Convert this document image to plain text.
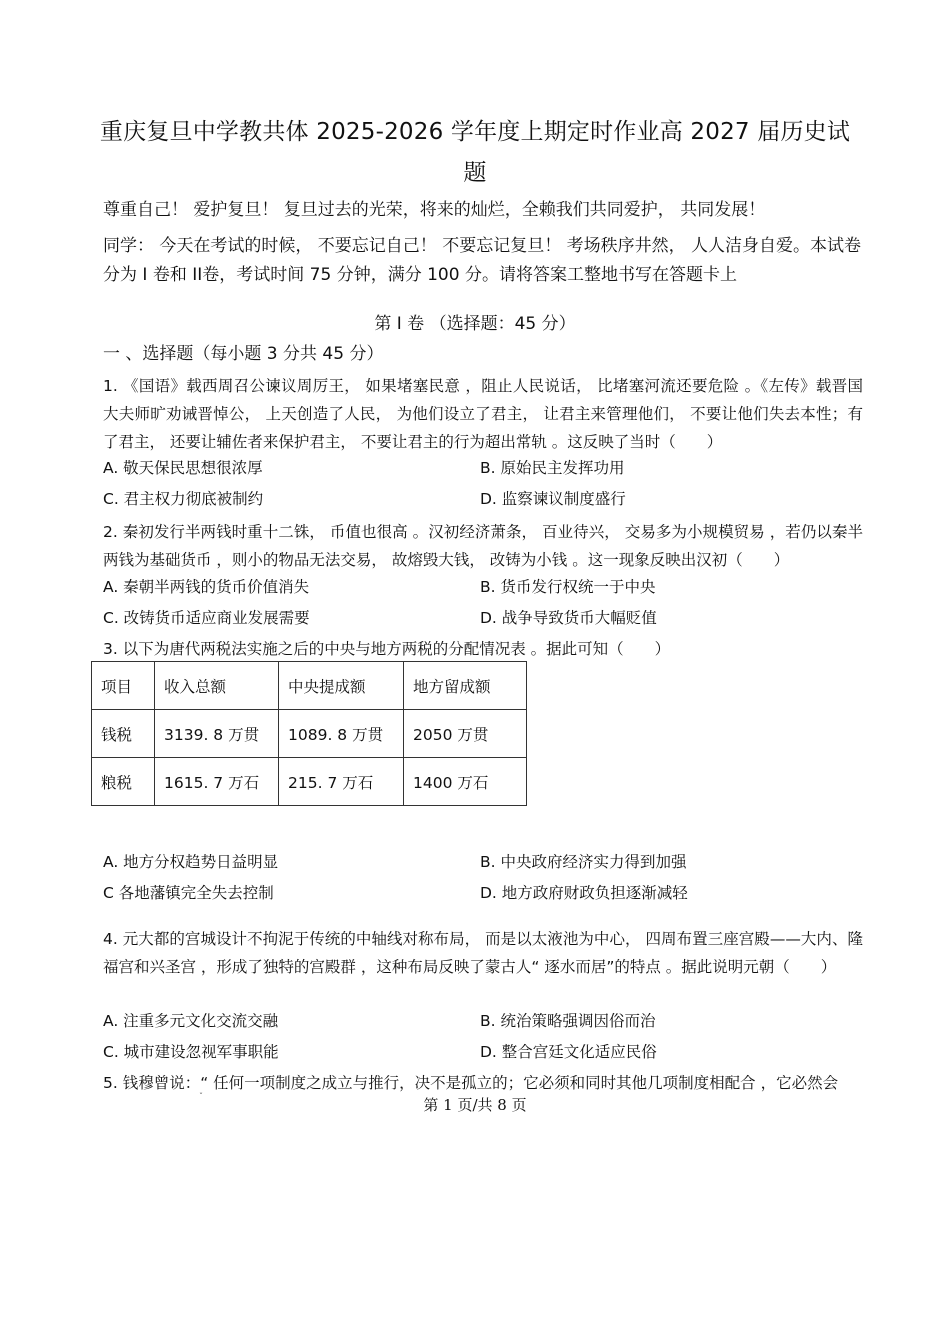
重庆复旦中学教共体 2025-2026 学年度上期定时作业高 2027 届历史试
题
尊重自己！ 爱护复旦！ 复旦过去的光荣，将来的灿烂，全赖我们共同爱护， 共同发展！
同学： 今天在考试的时候， 不要忘记自己！ 不要忘记复旦！ 考场秩序井然， 人人洁身自爱。本试卷分为 I 卷和 II卷，考试时间 75 分钟，满分 100 分。请将答案工整地书写在答题卡上
第 Ⅰ 卷 （选择题：45 分）
一 、选择题（每小题 3 分共 45 分）
1. 《国语》载西周召公谏议周厉王， 如果堵塞民意 ，阻止人民说话， 比堵塞河流还要危险 。《左传》载晋国大夫师旷劝诫晋悼公， 上天创造了人民， 为他们设立了君主， 让君主来管理他们， 不要让他们失去本性；有了君主， 还要让辅佐者来保护君主， 不要让君主的行为超出常轨 。这反映了当时（　　）
A. 敬天保民思想很浓厚	B. 原始民主发挥功用
C. 君主权力彻底被制约	D. 监察谏议制度盛行
2. 秦初发行半两钱时重十二铢， 币值也很高 。汉初经济萧条， 百业待兴， 交易多为小规模贸易 ，若仍以秦半两钱为基础货币 ，则小的物品无法交易， 故熔毁大钱， 改铸为小钱 。这一现象反映出汉初（　　）
A. 秦朝半两钱的货币价值消失	B. 货币发行权统一于中央
C. 改铸货币适应商业发展需要	D. 战争导致货币大幅贬值
3. 以下为唐代两税法实施之后的中央与地方两税的分配情况表 。据此可知（　　）
项目	收入总额	中央提成额	地方留成额
钱税	3139. 8 万贯	1089. 8 万贯	2050 万贯
粮税	1615. 7 万石	215. 7 万石	1400 万石
A. 地方分权趋势日益明显	B. 中央政府经济实力得到加强
C 各地藩镇完全失去控制	D. 地方政府财政负担逐渐减轻
4. 元大都的宫城设计不拘泥于传统的中轴线对称布局， 而是以太液池为中心， 四周布置三座宫殿——大内、隆福宫和兴圣宫 ，形成了独特的宫殿群 ，这种布局反映了蒙古人“ 逐水而居”的特点 。据此说明元朝（　　）
A. 注重多元文化交流交融	B. 统治策略强调因俗而治
C. 城市建设忽视军事职能	D. 整合宫廷文化适应民俗
5. 钱穆曾说：“ 任何一项制度之成立与推行，决不是孤立的；它必须和同时其他几项制度相配合 ，它必然会
ˇ	第 1 页/共 8 页
